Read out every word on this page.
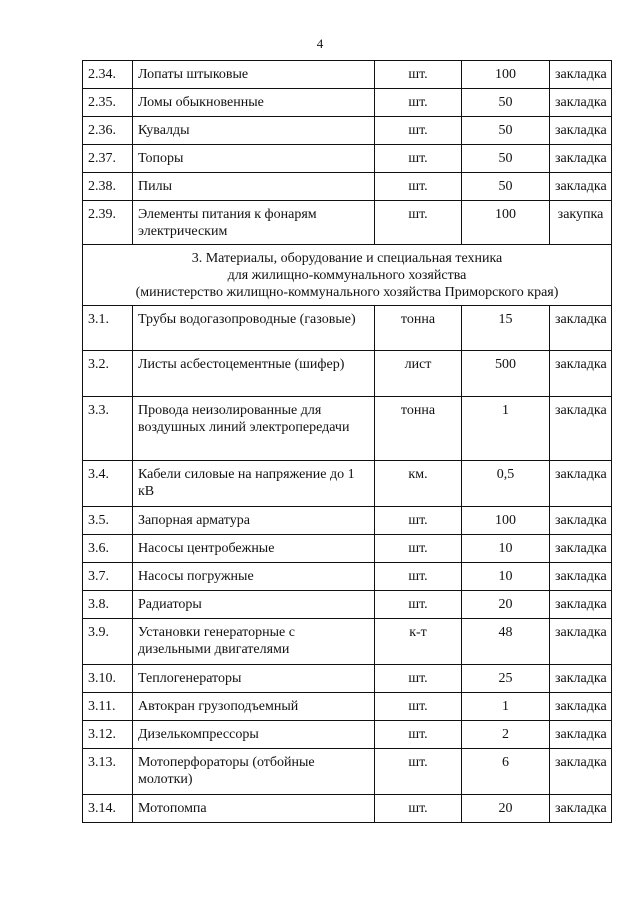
4
2.34.	Лопаты штыковые	шт.	100	закладка
2.35.	Ломы обыкновенные	шт.	50	закладка
2.36.	Кувалды	шт.	50	закладка
2.37.	Топоры	шт.	50	закладка
2.38.	Пилы	шт.	50	закладка
2.39.	Элементы питания к фонарям электрическим	шт.	100	закупка

3. Материалы, оборудование и специальная техника
для жилищно-коммунального хозяйства
(министерство жилищно-коммунального хозяйства Приморского края)				

3.1.	Трубы водогазопроводные (газовые)	тонна	15	закладка
3.2.	Листы асбестоцементные (шифер)	лист	500	закладка
3.3.	Провода неизолированные для воздушных линий электропередачи	тонна	1	закладка
3.4.	Кабели силовые на напряжение до 1 кВ	км.	0,5	закладка
3.5.	Запорная арматура	шт.	100	закладка
3.6.	Насосы центробежные	шт.	10	закладка
3.7.	Насосы погружные	шт.	10	закладка
3.8.	Радиаторы	шт.	20	закладка
3.9.	Установки генераторные с дизельными двигателями	к-т	48	закладка
3.10.	Теплогенераторы	шт.	25	закладка
3.11.	Автокран грузоподъемный	шт.	1	закладка
3.12.	Дизелькомпрессоры	шт.	2	закладка
3.13.	Мотоперфораторы (отбойные молотки)	шт.	6	закладка
3.14.	Мотопомпа	шт.	20	закладка
